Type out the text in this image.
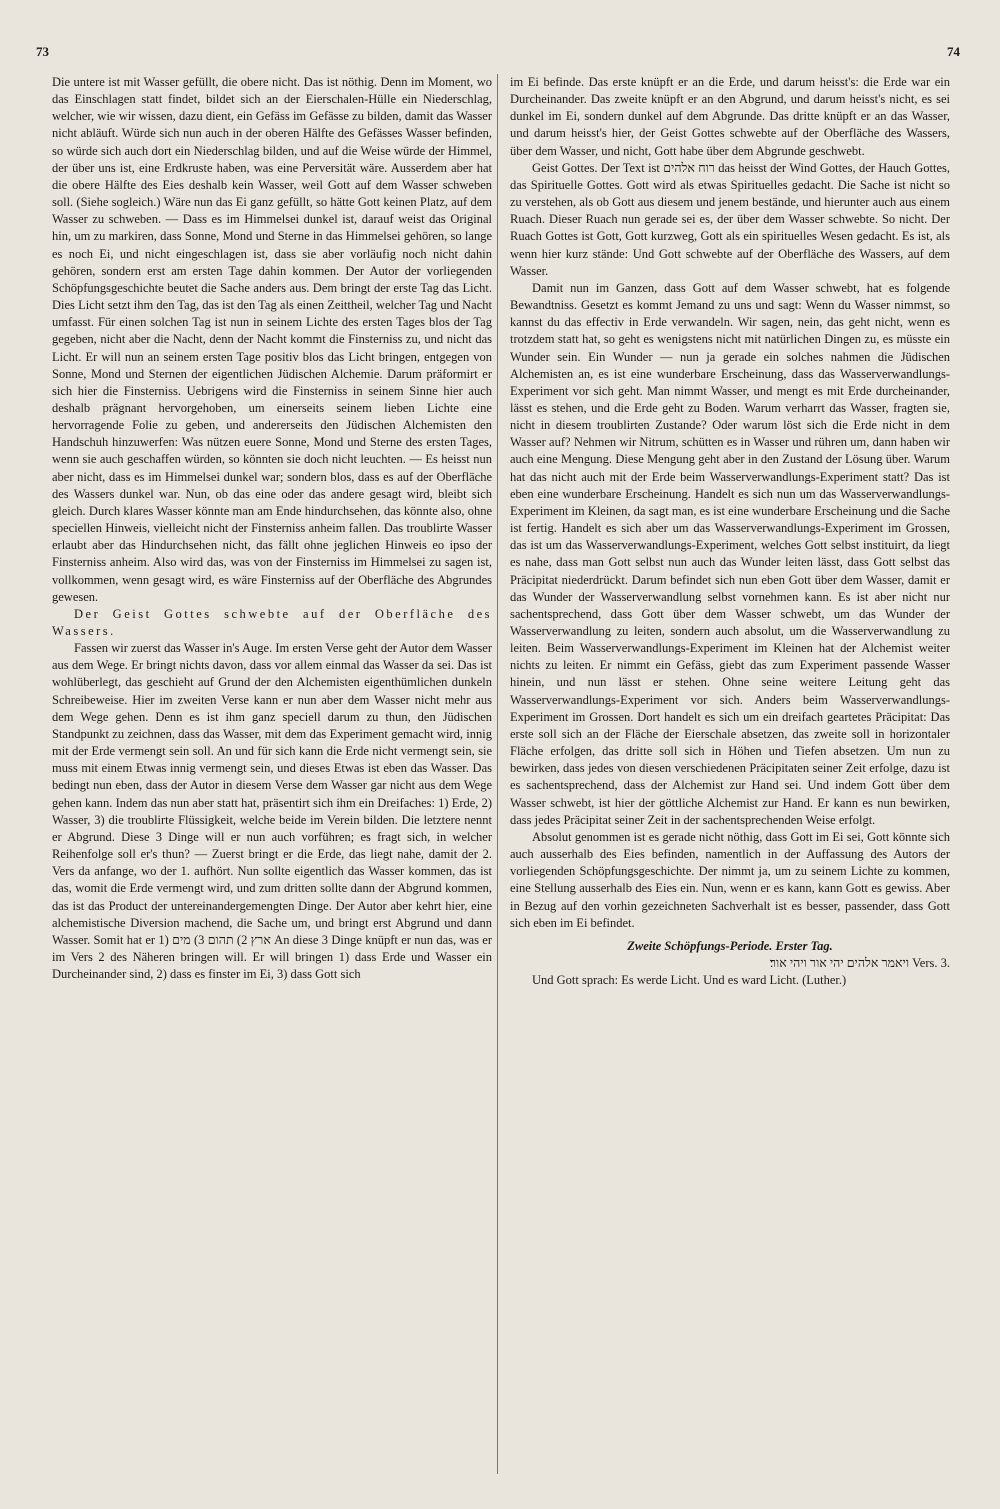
73	74

Die untere ist mit Wasser gefüllt, die obere nicht. Das ist nöthig. Denn im Moment, wo das Einschlagen statt findet, bildet sich an der Eierschalen-Hülle ein Niederschlag, welcher, wie wir wissen, dazu dient, ein Gefäss im Gefässe zu bilden, damit das Wasser nicht abläuft. Würde sich nun auch in der oberen Hälfte des Gefässes Wasser befinden, so würde sich auch dort ein Niederschlag bilden, und auf die Weise würde der Himmel, der über uns ist, eine Erdkruste haben, was eine Perversität wäre. Ausserdem aber hat die obere Hälfte des Eies deshalb kein Wasser, weil Gott auf dem Wasser schweben soll. (Siehe sogleich.) Wäre nun das Ei ganz gefüllt, so hätte Gott keinen Platz, auf dem Wasser zu schweben. — Dass es im Himmelsei dunkel ist, darauf weist das Original hin, um zu markiren, dass Sonne, Mond und Sterne in das Himmelsei gehören, so lange es noch Ei, und nicht eingeschlagen ist, dass sie aber vorläufig noch nicht dahin gehören, sondern erst am ersten Tage dahin kommen. Der Autor der vorliegenden Schöpfungsgeschichte beutet die Sache anders aus. Dem bringt der erste Tag das Licht. Dies Licht setzt ihm den Tag, das ist den Tag als einen Zeittheil, welcher Tag und Nacht umfasst. Für einen solchen Tag ist nun in seinem Lichte des ersten Tages blos der Tag gegeben, nicht aber die Nacht, denn der Nacht kommt die Finsterniss zu, und nicht das Licht. Er will nun an seinem ersten Tage positiv blos das Licht bringen, entgegen von Sonne, Mond und Sternen der eigentlichen Jüdischen Alchemie. Darum präformirt er sich hier die Finsterniss. Uebrigens wird die Finsterniss in seinem Sinne hier auch deshalb prägnant hervorgehoben, um einerseits seinem lieben Lichte eine hervorragende Folie zu geben, und andererseits den Jüdischen Alchemisten den Handschuh hinzuwerfen: Was nützen euere Sonne, Mond und Sterne des ersten Tages, wenn sie auch geschaffen würden, so könnten sie doch nicht leuchten. — Es heisst nun aber nicht, dass es im Himmelsei dunkel war; sondern blos, dass es auf der Oberfläche des Wassers dunkel war. Nun, ob das eine oder das andere gesagt wird, bleibt sich gleich. Durch klares Wasser könnte man am Ende hindurchsehen, das könnte also, ohne speciellen Hinweis, vielleicht nicht der Finsterniss anheim fallen. Das troublirte Wasser erlaubt aber das Hindurchsehen nicht, das fällt ohne jeglichen Hinweis eo ipso der Finsterniss anheim. Also wird das, was von der Finsterniss im Himmelsei zu sagen ist, vollkommen, wenn gesagt wird, es wäre Finsterniss auf der Oberfläche des Abgrundes gewesen.

Der Geist Gottes schwebte auf der Oberfläche des Wassers.

Fassen wir zuerst das Wasser in's Auge. Im ersten Verse geht der Autor dem Wasser aus dem Wege. Er bringt nichts davon, dass vor allem einmal das Wasser da sei. Das ist wohlüberlegt, das geschieht auf Grund der den Alchemisten eigenthümlichen dunkeln Schreibeweise. Hier im zweiten Verse kann er nun aber dem Wasser nicht mehr aus dem Wege gehen. Denn es ist ihm ganz speciell darum zu thun, den Jüdischen Standpunkt zu zeichnen, dass das Wasser, mit dem das Experiment gemacht wird, innig mit der Erde vermengt sein soll. An und für sich kann die Erde nicht vermengt sein, sie muss mit einem Etwas innig vermengt sein, und dieses Etwas ist eben das Wasser. Das bedingt nun eben, dass der Autor in diesem Verse dem Wasser gar nicht aus dem Wege gehen kann. Indem das nun aber statt hat, präsentirt sich ihm ein Dreifaches: 1) Erde, 2) Wasser, 3) die troublirte Flüssigkeit, welche beide im Verein bilden. Die letztere nennt er Abgrund. Diese 3 Dinge will er nun auch vorführen; es fragt sich, in welcher Reihenfolge soll er's thun? — Zuerst bringt er die Erde, das liegt nahe, damit der 2. Vers da anfange, wo der 1. aufhört. Nun sollte eigentlich das Wasser kommen, das ist das, womit die Erde vermengt wird, und zum dritten sollte dann der Abgrund kommen, das ist das Product der untereinandergemengten Dinge. Der Autor aber kehrt hier, eine alchemistische Diversion machend, die Sache um, und bringt erst Abgrund und dann Wasser. Somit hat er 1) ארץ 2) תהום 3) מים An diese 3 Dinge knüpft er nun das, was er im Vers 2 des Näheren bringen will. Er will bringen 1) dass Erde und Wasser ein Durcheinander sind, 2) dass es finster im Ei, 3) dass Gott sich

im Ei befinde. Das erste knüpft er an die Erde, und darum heisst's: die Erde war ein Durcheinander. Das zweite knüpft er an den Abgrund, und darum heisst's nicht, es sei dunkel im Ei, sondern dunkel auf dem Abgrunde. Das dritte knüpft er an das Wasser, und darum heisst's hier, der Geist Gottes schwebte auf der Oberfläche des Wassers, über dem Wasser, und nicht, Gott habe über dem Abgrunde geschwebt.

Geist Gottes. Der Text ist רוח אלהים das heisst der Wind Gottes, der Hauch Gottes, das Spirituelle Gottes. Gott wird als etwas Spirituelles gedacht. Die Sache ist nicht so zu verstehen, als ob Gott aus diesem und jenem bestände, und hierunter auch aus einem Ruach. Dieser Ruach nun gerade sei es, der über dem Wasser schwebte. So nicht. Der Ruach Gottes ist Gott, Gott kurzweg, Gott als ein spirituelles Wesen gedacht. Es ist, als wenn hier kurz stände: Und Gott schwebte auf der Oberfläche des Wassers, auf dem Wasser.

Damit nun im Ganzen, dass Gott auf dem Wasser schwebt, hat es folgende Bewandtniss. Gesetzt es kommt Jemand zu uns und sagt: Wenn du Wasser nimmst, so kannst du das effectiv in Erde verwandeln. Wir sagen, nein, das geht nicht, wenn es trotzdem statt hat, so geht es wenigstens nicht mit natürlichen Dingen zu, es müsste ein Wunder sein. Ein Wunder — nun ja gerade ein solches nahmen die Jüdischen Alchemisten an, es ist eine wunderbare Erscheinung, dass das Wasserverwandlungs-Experiment vor sich geht. Man nimmt Wasser, und mengt es mit Erde durcheinander, lässt es stehen, und die Erde geht zu Boden. Warum verharrt das Wasser, fragten sie, nicht in diesem troublirten Zustande? Oder warum löst sich die Erde nicht in dem Wasser auf? Nehmen wir Nitrum, schütten es in Wasser und rühren um, dann haben wir auch eine Mengung. Diese Mengung geht aber in den Zustand der Lösung über. Warum hat das nicht auch mit der Erde beim Wasserverwandlungs-Experiment statt? Das ist eben eine wunderbare Erscheinung. Handelt es sich nun um das Wasserverwandlungs-Experiment im Kleinen, da sagt man, es ist eine wunderbare Erscheinung und die Sache ist fertig. Handelt es sich aber um das Wasserverwandlungs-Experiment im Grossen, das ist um das Wasserverwandlungs-Experiment, welches Gott selbst instituirt, da liegt es nahe, dass man Gott selbst nun auch das Wunder leiten lässt, dass Gott selbst das Präcipitat niederdrückt. Darum befindet sich nun eben Gott über dem Wasser, damit er das Wunder der Wasserverwandlung selbst vornehmen kann. Es ist aber nicht nur sachentsprechend, dass Gott über dem Wasser schwebt, um das Wunder der Wasserverwandlung zu leiten, sondern auch absolut, um die Wasserverwandlung zu leiten. Beim Wasserverwandlungs-Experiment im Kleinen hat der Alchemist weiter nichts zu leiten. Er nimmt ein Gefäss, giebt das zum Experiment passende Wasser hinein, und nun lässt er stehen. Ohne seine weitere Leitung geht das Wasserverwandlungs-Experiment vor sich. Anders beim Wasserverwandlungs-Experiment im Grossen. Dort handelt es sich um ein dreifach geartetes Präcipitat: Das erste soll sich an der Fläche der Eierschale absetzen, das zweite soll in horizontaler Fläche erfolgen, das dritte soll sich in Höhen und Tiefen absetzen. Um nun zu bewirken, dass jedes von diesen verschiedenen Präcipitaten seiner Zeit erfolge, dazu ist es sachentsprechend, dass der Alchemist zur Hand sei. Und indem Gott über dem Wasser schwebt, ist hier der göttliche Alchemist zur Hand. Er kann es nun bewirken, dass jedes Präcipitat seiner Zeit in der sachentsprechenden Weise erfolgt.

Absolut genommen ist es gerade nicht nöthig, dass Gott im Ei sei, Gott könnte sich auch ausserhalb des Eies befinden, namentlich in der Auffassung des Autors der vorliegenden Schöpfungsgeschichte. Der nimmt ja, um zu seinem Lichte zu kommen, eine Stellung ausserhalb des Eies ein. Nun, wenn er es kann, kann Gott es gewiss. Aber in Bezug auf den vorhin gezeichneten Sachverhalt ist es besser, passender, dass Gott sich eben im Ei befindet.

Zweite Schöpfungs-Periode. Erster Tag.

ויאמר אלהים יהי אור ויהי אור׃ Vers. 3.

Und Gott sprach: Es werde Licht. Und es ward Licht. (Luther.)
